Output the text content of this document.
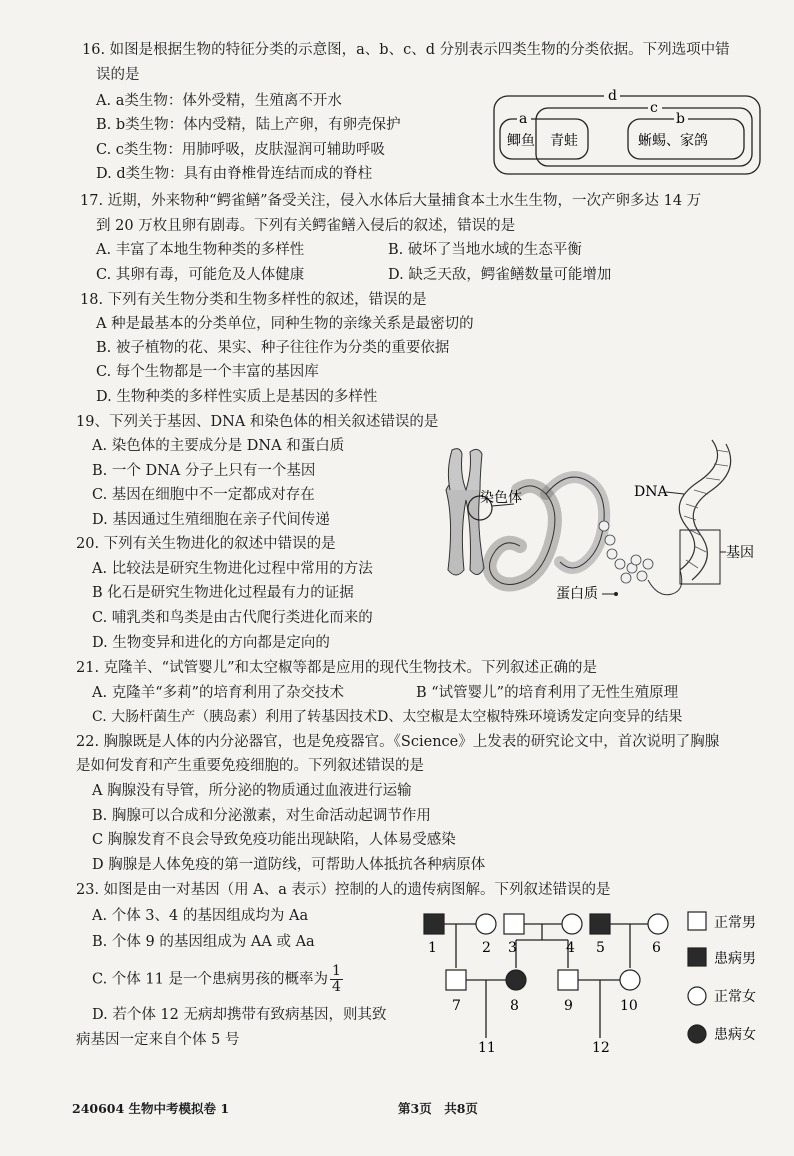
16. 如图是根据生物的特征分类的示意图，a、b、c、d 分别表示四类生物的分类依据。下列选项中错
误的是
A. a类生物：体外受精，生殖离不开水
B. b类生物：体内受精，陆上产卵，有卵壳保护
C. c类生物：用肺呼吸，皮肤湿润可辅助呼吸
D. d类生物：具有由脊椎骨连结而成的脊柱
d
c
b
a
鲫鱼 青蛙	蜥蜴、家鸽
17. 近期，外来物种“鳄雀鳝”备受关注，侵入水体后大量捕食本土水生生物，一次产卵多达 14 万
到 20 万枚且卵有剧毒。下列有关鳄雀鳝入侵后的叙述，错误的是
A. 丰富了本地生物种类的多样性	B. 破坏了当地水域的生态平衡
C. 其卵有毒，可能危及人体健康	D. 缺乏天敌，鳄雀鳝数量可能增加
18. 下列有关生物分类和生物多样性的叙述，错误的是
A 种是最基本的分类单位，同种生物的亲缘关系是最密切的
B. 被子植物的花、果实、种子往往作为分类的重要依据
C. 每个生物都是一个丰富的基因库
D. 生物种类的多样性实质上是基因的多样性
19、下列关于基因、DNA 和染色体的相关叙述错误的是
A. 染色体的主要成分是 DNA 和蛋白质
B. 一个 DNA 分子上只有一个基因
C. 基因在细胞中不一定都成对存在
D. 基因通过生殖细胞在亲子代间传递
基因
染色体	DNA
蛋白质
20. 下列有关生物进化的叙述中错误的是
A. 比较法是研究生物进化过程中常用的方法
B 化石是研究生物进化过程最有力的证据
C. 哺乳类和鸟类是由古代爬行类进化而来的
D. 生物变异和进化的方向都是定向的
21. 克隆羊、“试管婴儿”和太空椒等都是应用的现代生物技术。下列叙述正确的是
A. 克隆羊“多莉”的培育利用了杂交技术	B “试管婴儿”的培育利用了无性生殖原理
C. 大肠杆菌生产（胰岛素）利用了转基因技术D、太空椒是太空椒特殊环境诱发定向变异的结果
22. 胸腺既是人体的内分泌器官，也是免疫器官。《Science》上发表的研究论文中，首次说明了胸腺
是如何发育和产生重要免疫细胞的。下列叙述错误的是
A 胸腺没有导管，所分泌的物质通过血液进行运输
B. 胸腺可以合成和分泌激素，对生命活动起调节作用
C 胸腺发育不良会导致免疫功能出现缺陷，人体易受感染
D 胸腺是人体免疫的第一道防线，可帮助人体抵抗各种病原体
23. 如图是由一对基因（用 A、a 表示）控制的人的遗传病图解。下列叙述错误的是
A. 个体 3、4 的基因组成均为 Aa
B. 个体 9 的基因组成为 AA 或 Aa
C. 个体 11 是一个患病男孩的概率为 $\frac{1}{4}$
D. 若个体 12 无病却携带有致病基因，则其致
病基因一定来自个体 5 号
1	2 3	4 5	6
7	8	9	10
11	12
正常男
患病男
正常女
患病女
240604 生物中考模拟卷 1	第3页　共8页
